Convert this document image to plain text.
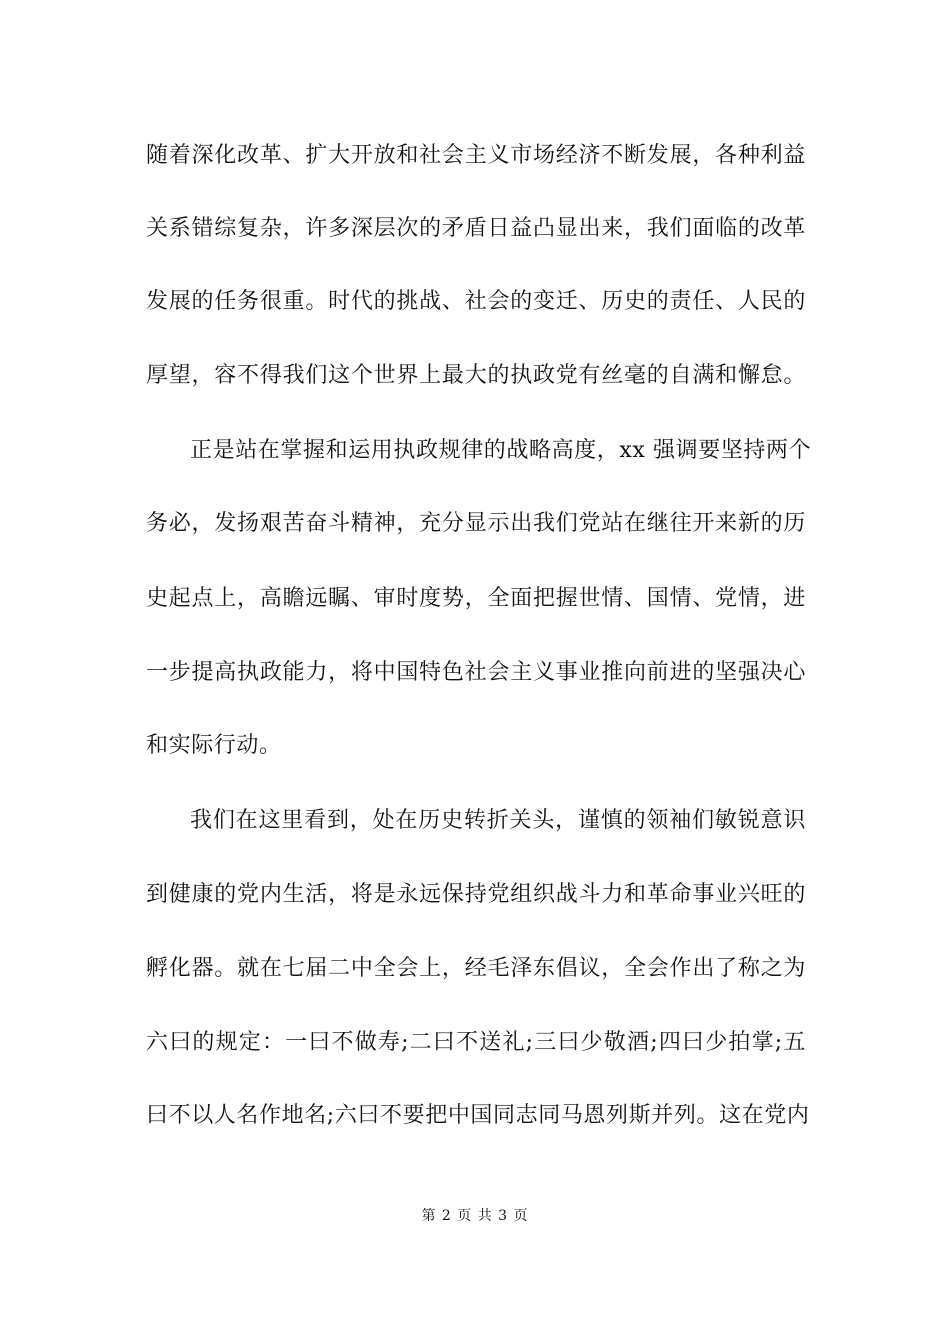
随着深化改革、扩大开放和社会主义市场经济不断发展，各种利益
关系错综复杂，许多深层次的矛盾日益凸显出来，我们面临的改革
发展的任务很重。时代的挑战、社会的变迁、历史的责任、人民的
厚望，容不得我们这个世界上最大的执政党有丝毫的自满和懈怠。
正是站在掌握和运用执政规律的战略高度，xx 强调要坚持两个
务必，发扬艰苦奋斗精神，充分显示出我们党站在继往开来新的历
史起点上，高瞻远瞩、审时度势，全面把握世情、国情、党情，进
一步提高执政能力，将中国特色社会主义事业推向前进的坚强决心
和实际行动。
我们在这里看到，处在历史转折关头，谨慎的领袖们敏锐意识
到健康的党内生活，将是永远保持党组织战斗力和革命事业兴旺的
孵化器。就在七届二中全会上，经毛泽东倡议，全会作出了称之为
六曰的规定：一曰不做寿;二曰不送礼;三曰少敬酒;四曰少拍掌;五
曰不以人名作地名;六曰不要把中国同志同马恩列斯并列。这在党内
第 2 页 共 3 页
